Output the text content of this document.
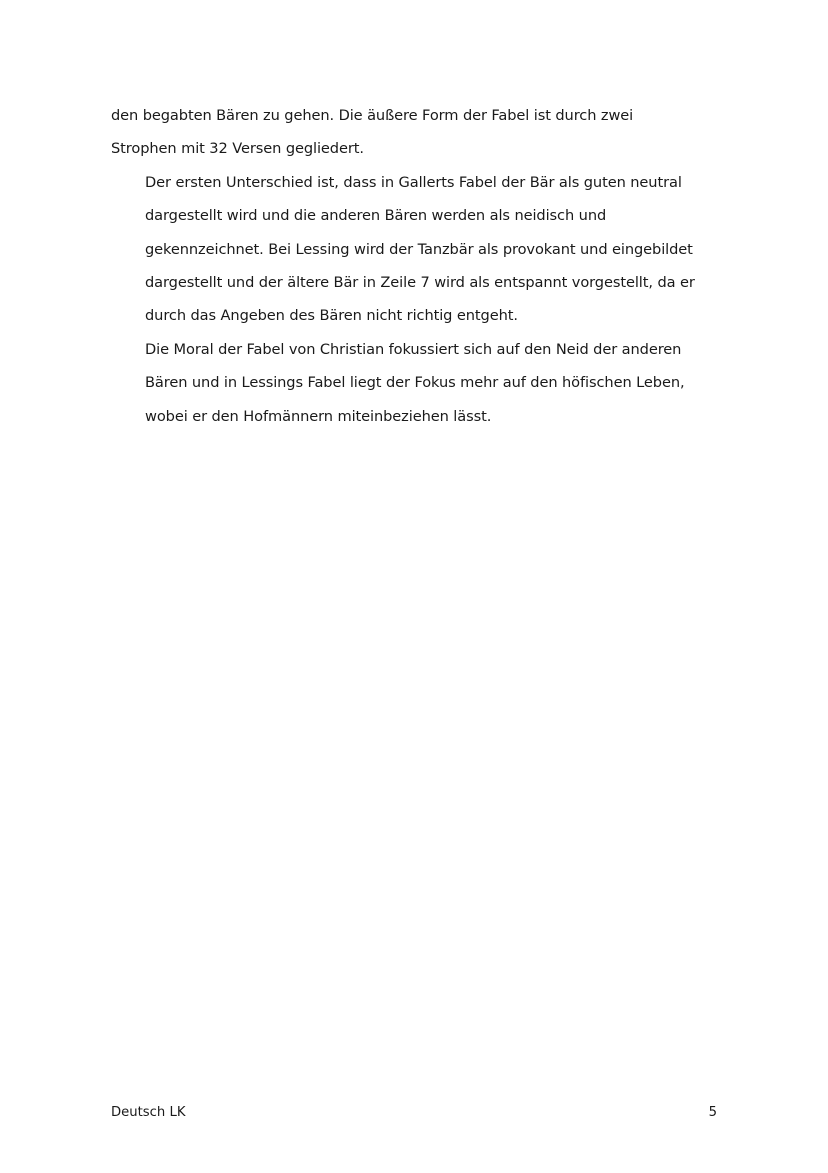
den begabten Bären zu gehen. Die äußere Form der Fabel ist durch zwei
Strophen mit 32 Versen gegliedert.

Der ersten Unterschied ist, dass in Gallerts Fabel der Bär als guten neutral
dargestellt wird und die anderen Bären werden als neidisch und
gekennzeichnet. Bei Lessing wird der Tanzbär als provokant und eingebildet
dargestellt und der ältere Bär in Zeile 7 wird als entspannt vorgestellt, da er
durch das Angeben des Bären nicht richtig entgeht.

Die Moral der Fabel von Christian fokussiert sich auf den Neid der anderen
Bären und in Lessings Fabel liegt der Fokus mehr auf den höfischen Leben,
wobei er den Hofmännern miteinbeziehen lässt.

Deutsch LK	5
